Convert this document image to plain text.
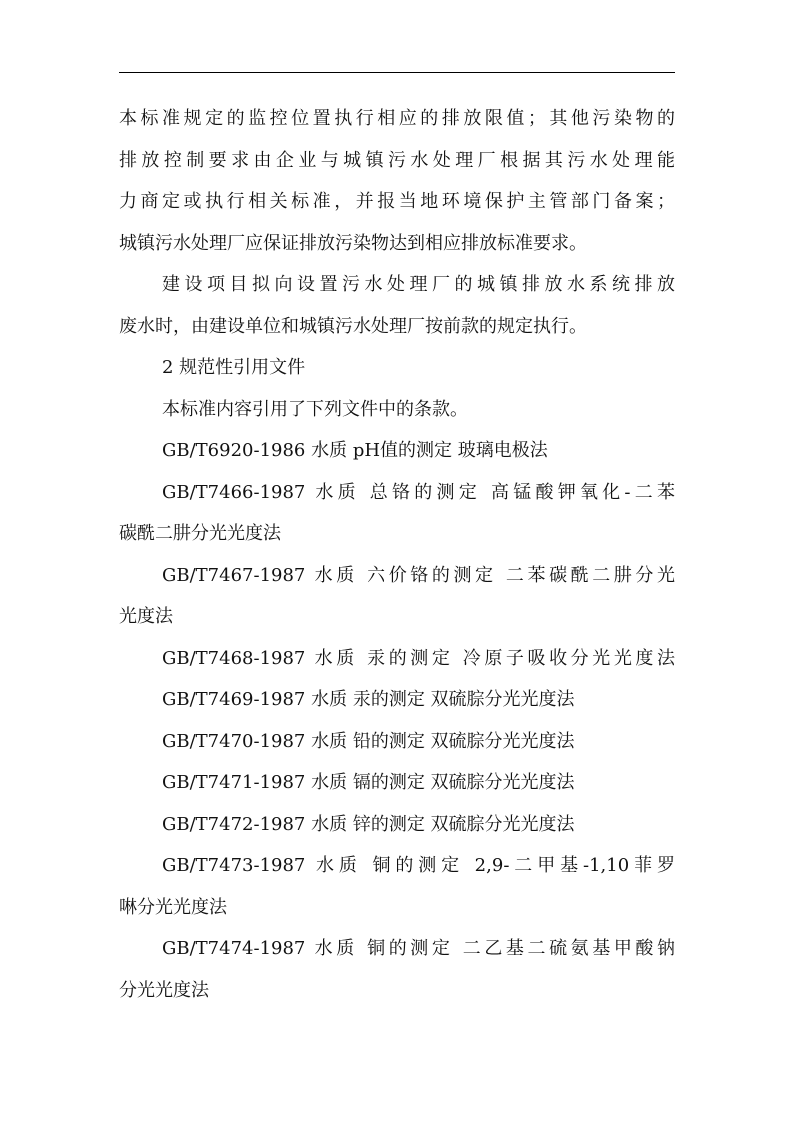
本标准规定的监控位置执行相应的排放限值；其他污染物的
排放控制要求由企业与城镇污水处理厂根据其污水处理能
力商定或执行相关标准，并报当地环境保护主管部门备案；
城镇污水处理厂应保证排放污染物达到相应排放标准要求。
建设项目拟向设置污水处理厂的城镇排放水系统排放
废水时，由建设单位和城镇污水处理厂按前款的规定执行。
2 规范性引用文件
本标准内容引用了下列文件中的条款。
GB/T6920-1986 水质 pH值的测定 玻璃电极法
GB/T7466-1987 水质 总铬的测定 高锰酸钾氧化-二苯
碳酰二肼分光光度法
GB/T7467-1987 水质 六价铬的测定 二苯碳酰二肼分光
光度法
GB/T7468-1987 水质 汞的测定 冷原子吸收分光光度法
GB/T7469-1987 水质 汞的测定 双硫腙分光光度法
GB/T7470-1987 水质 铅的测定 双硫腙分光光度法
GB/T7471-1987 水质 镉的测定 双硫腙分光光度法
GB/T7472-1987 水质 锌的测定 双硫腙分光光度法
GB/T7473-1987 水质 铜的测定 2,9-二甲基-1,10菲罗
啉分光光度法
GB/T7474-1987 水质 铜的测定 二乙基二硫氨基甲酸钠
分光光度法
